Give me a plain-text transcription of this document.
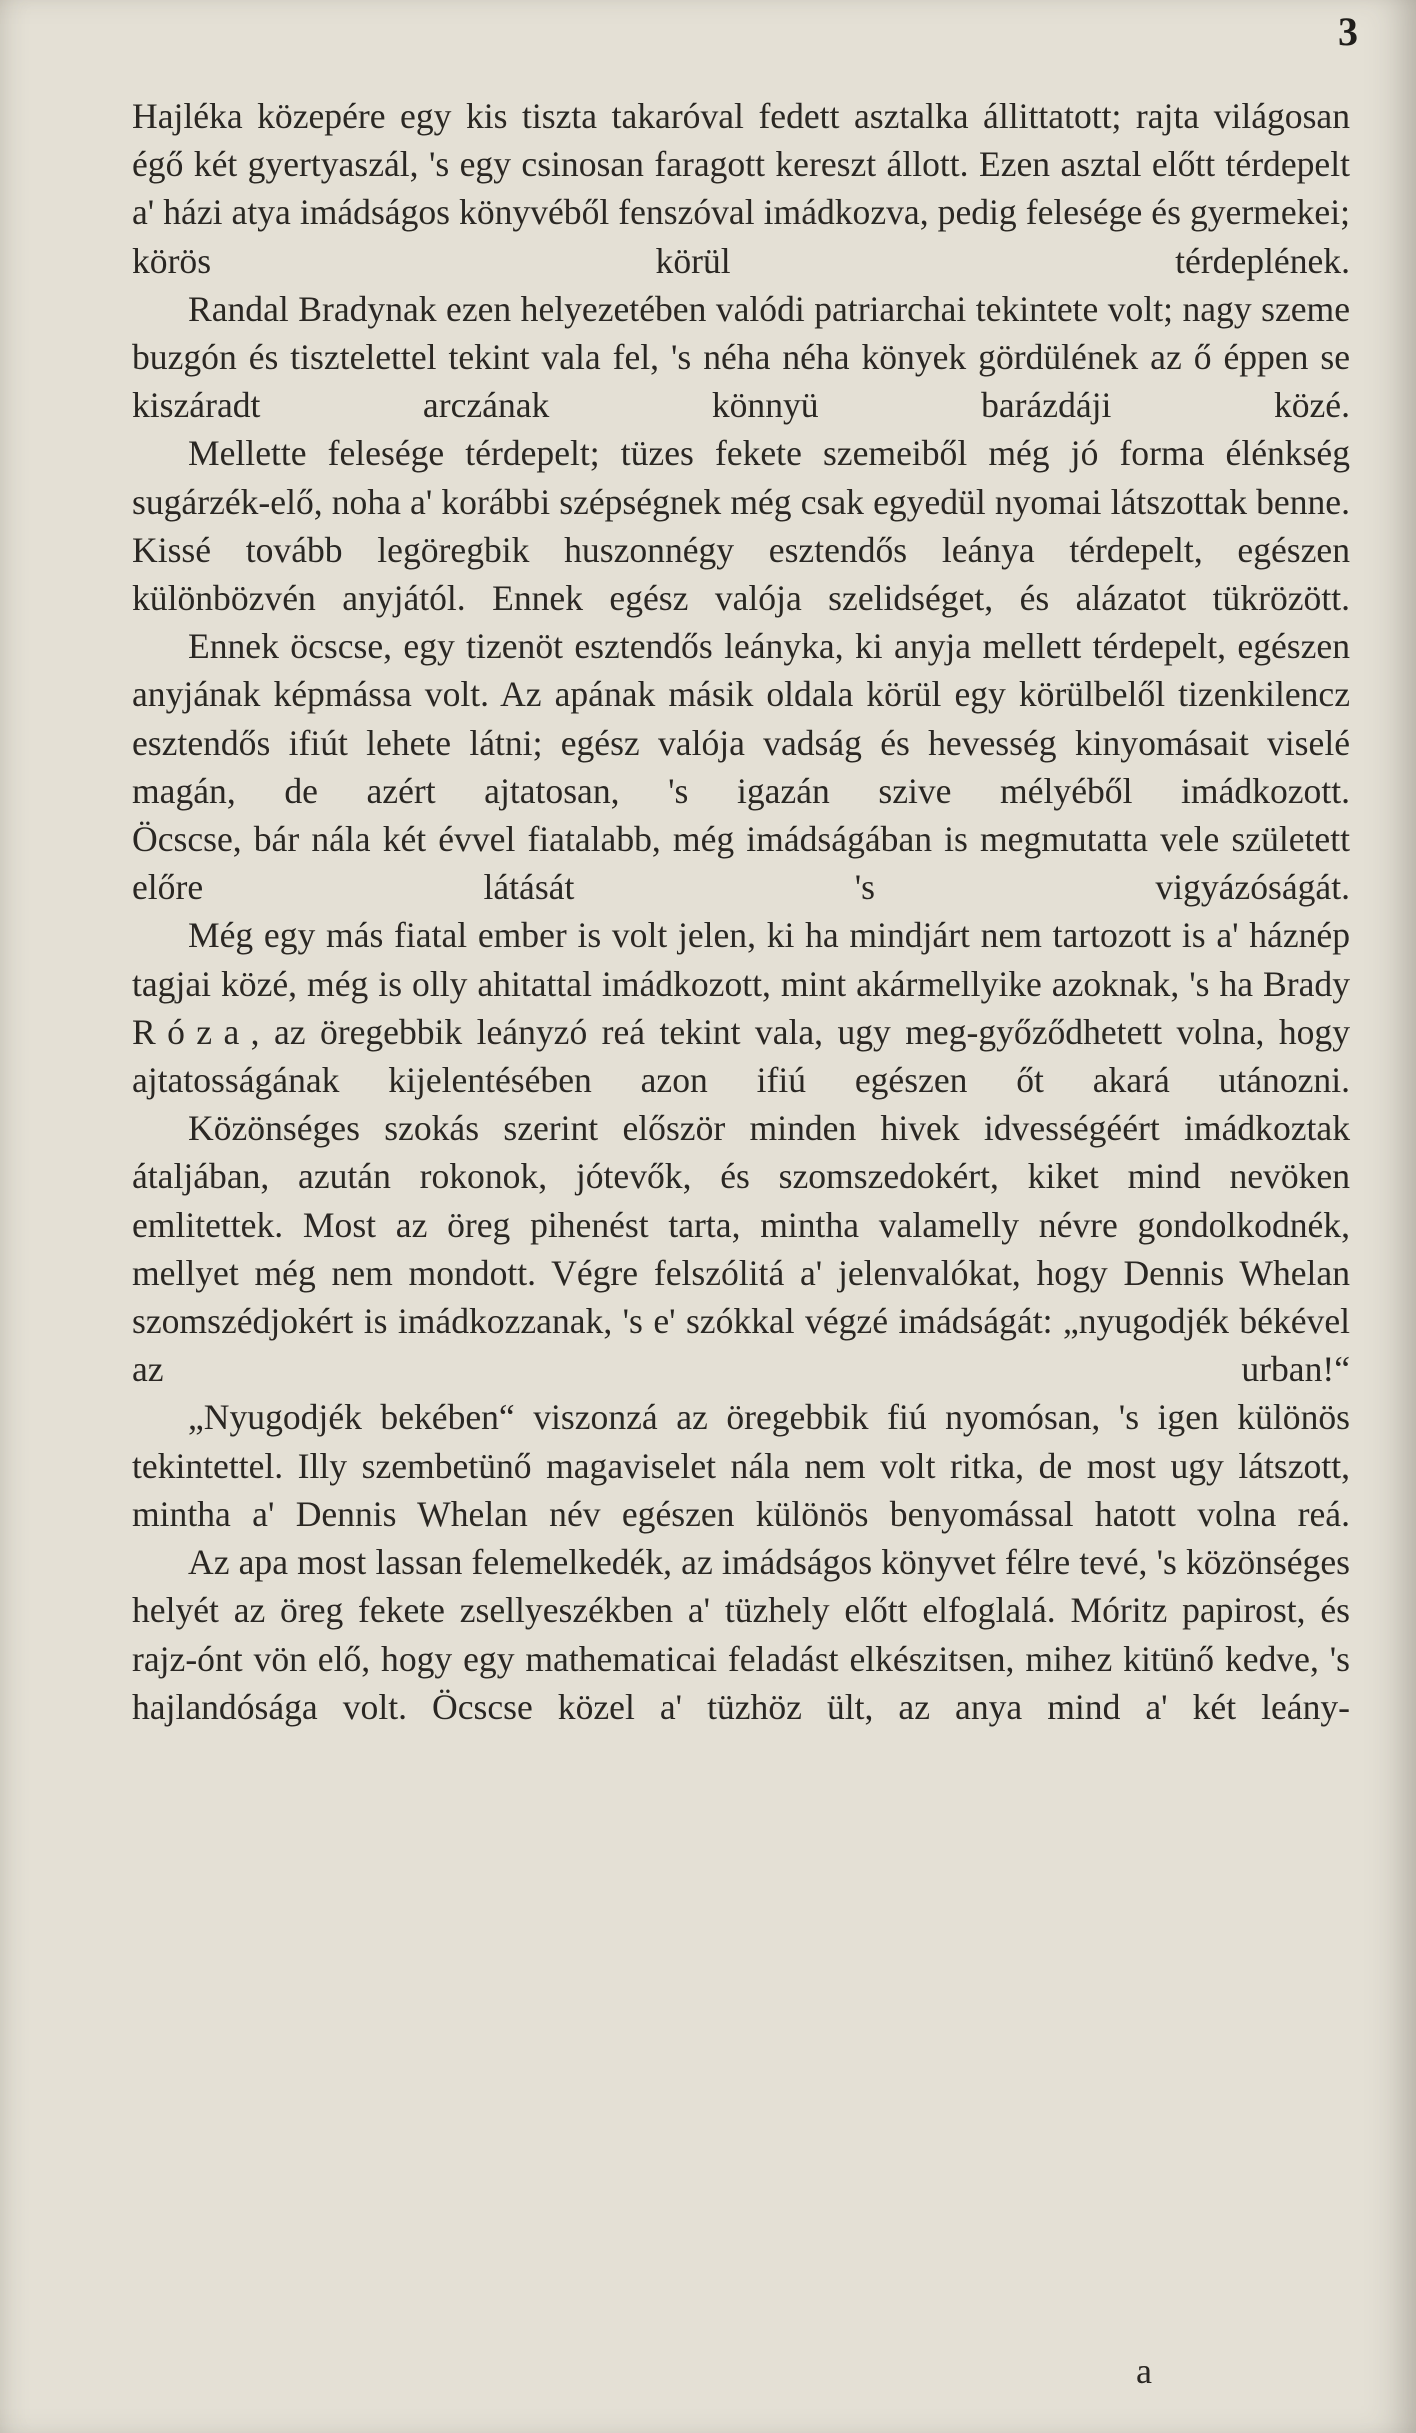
3

Hajléka közepére egy kis tiszta takaróval fedett asztalka állittatott; rajta világosan égő két gyertyaszál, 's egy csinosan faragott kereszt állott. Ezen asztal előtt térdepelt a' házi atya imádságos könyvéből fenszóval imádkozva, pedig felesége és gyermekei; körös körül térdeplének.

Randal Bradynak ezen helyezetében valódi patriarchai tekintete volt; nagy szeme buzgón és tisztelettel tekint vala fel, 's néha néha könyek gördülének az ő éppen se kiszáradt arczának könnyü barázdáji közé.

Mellette felesége térdepelt; tüzes fekete szemeiből még jó forma élénkség sugárzék-elő, noha a' korábbi szépségnek még csak egyedül nyomai látszottak benne. Kissé tovább legöregbik huszonnégy esztendős leánya térdepelt, egészen különbözvén anyjától. Ennek egész valója szelidséget, és alázatot tükrözött.

Ennek öcscse, egy tizenöt esztendős leányka, ki anyja mellett térdepelt, egészen anyjának képmássa volt. Az apának másik oldala körül egy körülbelől tizenkilencz esztendős ifiút lehete látni; egész valója vadság és hevesség kinyomásait viselé magán, de azért ajtatosan, 's igazán szive mélyéből imádkozott.

Öcscse, bár nála két évvel fiatalabb, még imádságában is megmutatta vele született előre látását 's vigyázóságát.

Még egy más fiatal ember is volt jelen, ki ha mindjárt nem tartozott is a' háznép tagjai közé, még is olly ahitattal imádkozott, mint akármellyike azoknak, 's ha Brady Róza, az öregebbik leányzó reá tekint vala, ugy meg-győződhetett volna, hogy ajtatosságának kijelentésében azon ifiú egészen őt akará utánozni.

Közönséges szokás szerint először minden hivek idvességéért imádkoztak átaljában, azután rokonok, jótevők, és szomszedokért, kiket mind nevöken emlitettek. Most az öreg pihenést tarta, mintha valamelly névre gondolkodnék, mellyet még nem mondott. Végre felszólitá a' jelenvalókat, hogy Dennis Whelan szomszédjokért is imádkozzanak, 's e' szókkal végzé imádságát: „nyugodjék békével az urban!“

„Nyugodjék bekében“ viszonzá az öregebbik fiú nyomósan, 's igen különös tekintettel. Illy szembetünő magaviselet nála nem volt ritka, de most ugy látszott, mintha a' Dennis Whelan név egészen különös benyomással hatott volna reá.

Az apa most lassan felemelkedék, az imádságos könyvet félre tevé, 's közönséges helyét az öreg fekete zsellyeszékben a' tüzhely előtt elfoglalá. Móritz papirost, és rajz-ónt vön elő, hogy egy mathematicai feladást elkészitsen, mihez kitünő kedve, 's hajlandósága volt. Öcscse közel a' tüzhöz ült, az anya mind a' két leány-

a
